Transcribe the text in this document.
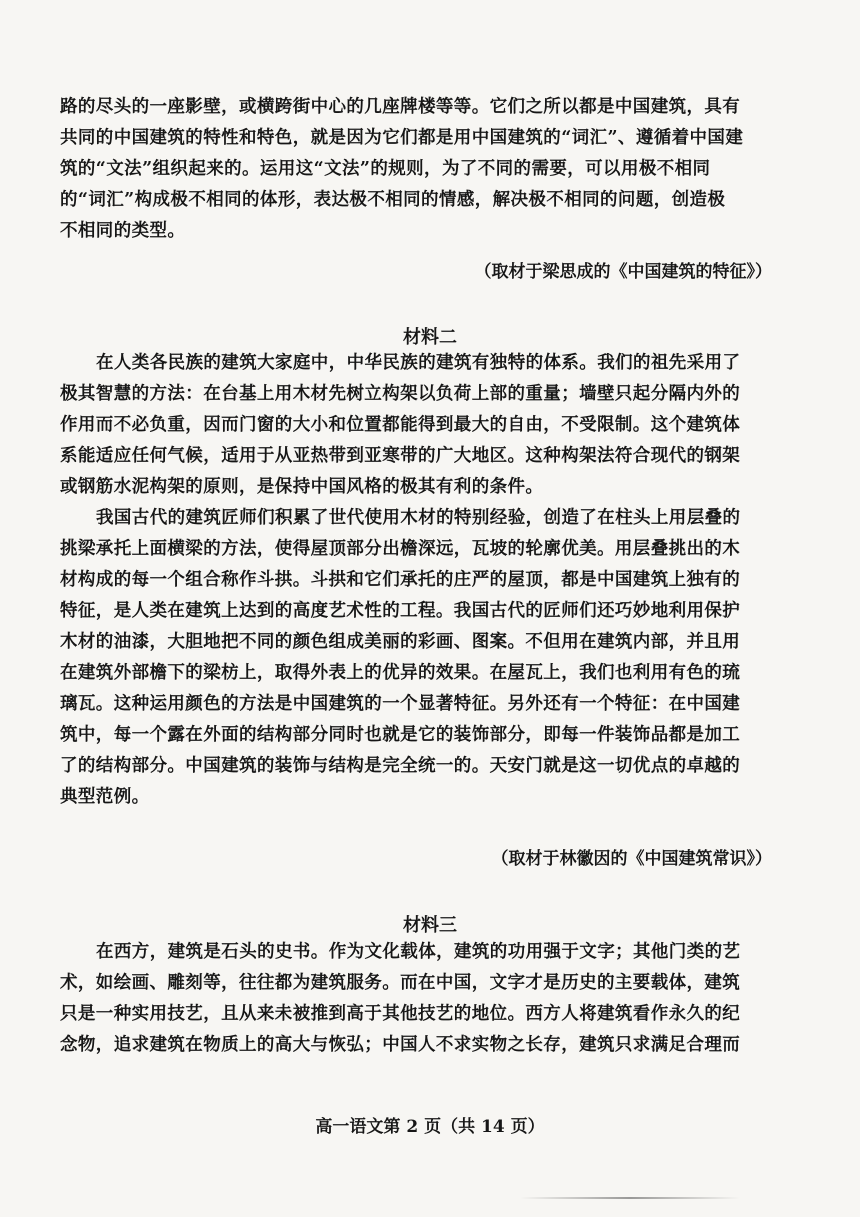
路的尽头的一座影壁，或横跨街中心的几座牌楼等等。它们之所以都是中国建筑，具有
共同的中国建筑的特性和特色，就是因为它们都是用中国建筑的“词汇”、遵循着中国建
筑的“文法”组织起来的。运用这“文法”的规则，为了不同的需要，可以用极不相同
的“词汇”构成极不相同的体形，表达极不相同的情感，解决极不相同的问题，创造极
不相同的类型。
（取材于梁思成的《中国建筑的特征》）
材料二
在人类各民族的建筑大家庭中，中华民族的建筑有独特的体系。我们的祖先采用了
极其智慧的方法：在台基上用木材先树立构架以负荷上部的重量；墙壁只起分隔内外的
作用而不必负重，因而门窗的大小和位置都能得到最大的自由，不受限制。这个建筑体
系能适应任何气候，适用于从亚热带到亚寒带的广大地区。这种构架法符合现代的钢架
或钢筋水泥构架的原则，是保持中国风格的极其有利的条件。
我国古代的建筑匠师们积累了世代使用木材的特别经验，创造了在柱头上用层叠的
挑梁承托上面横梁的方法，使得屋顶部分出檐深远，瓦坡的轮廓优美。用层叠挑出的木
材构成的每一个组合称作斗拱。斗拱和它们承托的庄严的屋顶，都是中国建筑上独有的
特征，是人类在建筑上达到的高度艺术性的工程。我国古代的匠师们还巧妙地利用保护
木材的油漆，大胆地把不同的颜色组成美丽的彩画、图案。不但用在建筑内部，并且用
在建筑外部檐下的梁枋上，取得外表上的优异的效果。在屋瓦上，我们也利用有色的琉
璃瓦。这种运用颜色的方法是中国建筑的一个显著特征。另外还有一个特征：在中国建
筑中，每一个露在外面的结构部分同时也就是它的装饰部分，即每一件装饰品都是加工
了的结构部分。中国建筑的装饰与结构是完全统一的。天安门就是这一切优点的卓越的
典型范例。
（取材于林徽因的《中国建筑常识》）
材料三
在西方，建筑是石头的史书。作为文化载体，建筑的功用强于文字；其他门类的艺
术，如绘画、雕刻等，往往都为建筑服务。而在中国，文字才是历史的主要载体，建筑
只是一种实用技艺，且从来未被推到高于其他技艺的地位。西方人将建筑看作永久的纪
念物，追求建筑在物质上的高大与恢弘；中国人不求实物之长存，建筑只求满足合理而
高一语文第 2 页（共 14 页）
